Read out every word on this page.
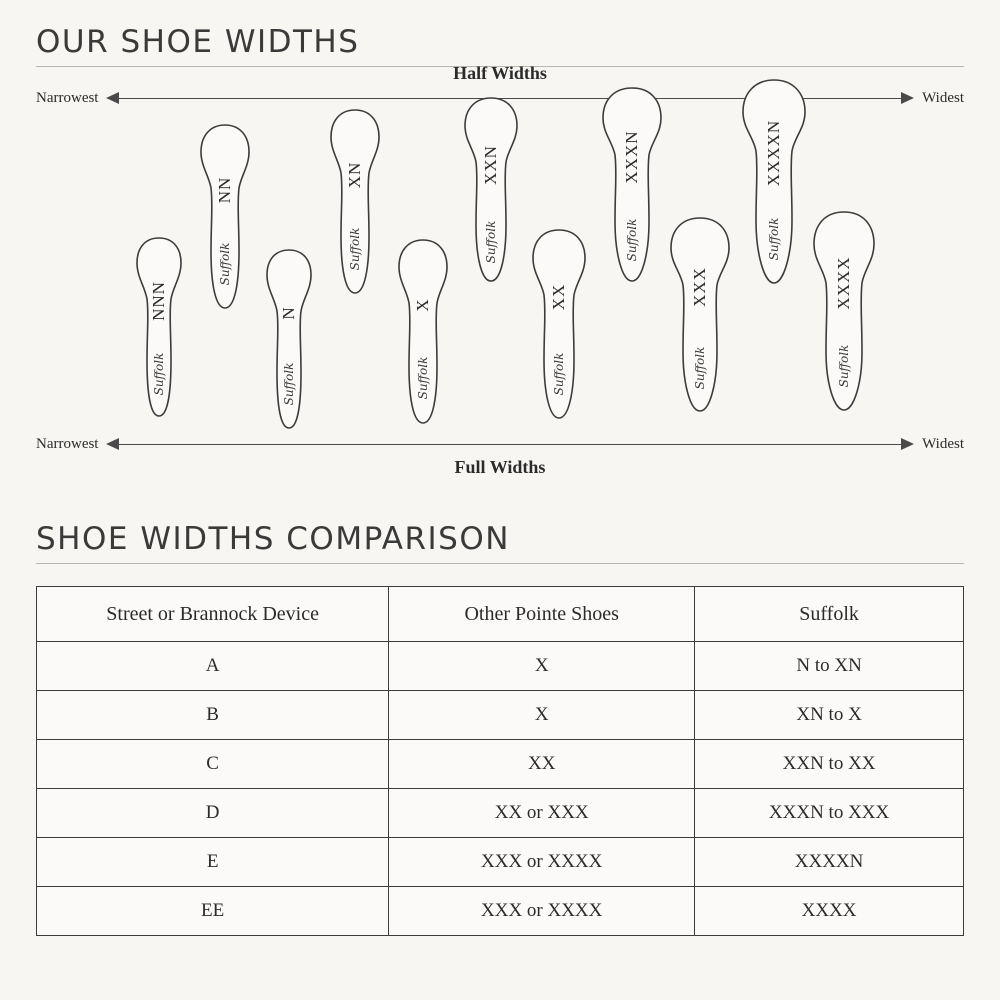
OUR SHOE WIDTHS
Narrowest	Widest
Half Widths
NN
Suffolk
XN
Suffolk
XXN
Suffolk
XXXN
Suffolk
XXXXN
Suffolk
NNN
Suffolk
N
Suffolk
X
Suffolk
XX
Suffolk
XXX
Suffolk
XXXX
Suffolk
Narrowest	Widest
Full Widths
SHOE WIDTHS COMPARISON
Street or Brannock Device	Other Pointe Shoes	Suffolk
A	X	N to XN
B	X	XN to X
C	XX	XXN to XX
D	XX or XXX	XXXN to XXX
E	XXX or XXXX	XXXXN
EE	XXX or XXXX	XXXX
